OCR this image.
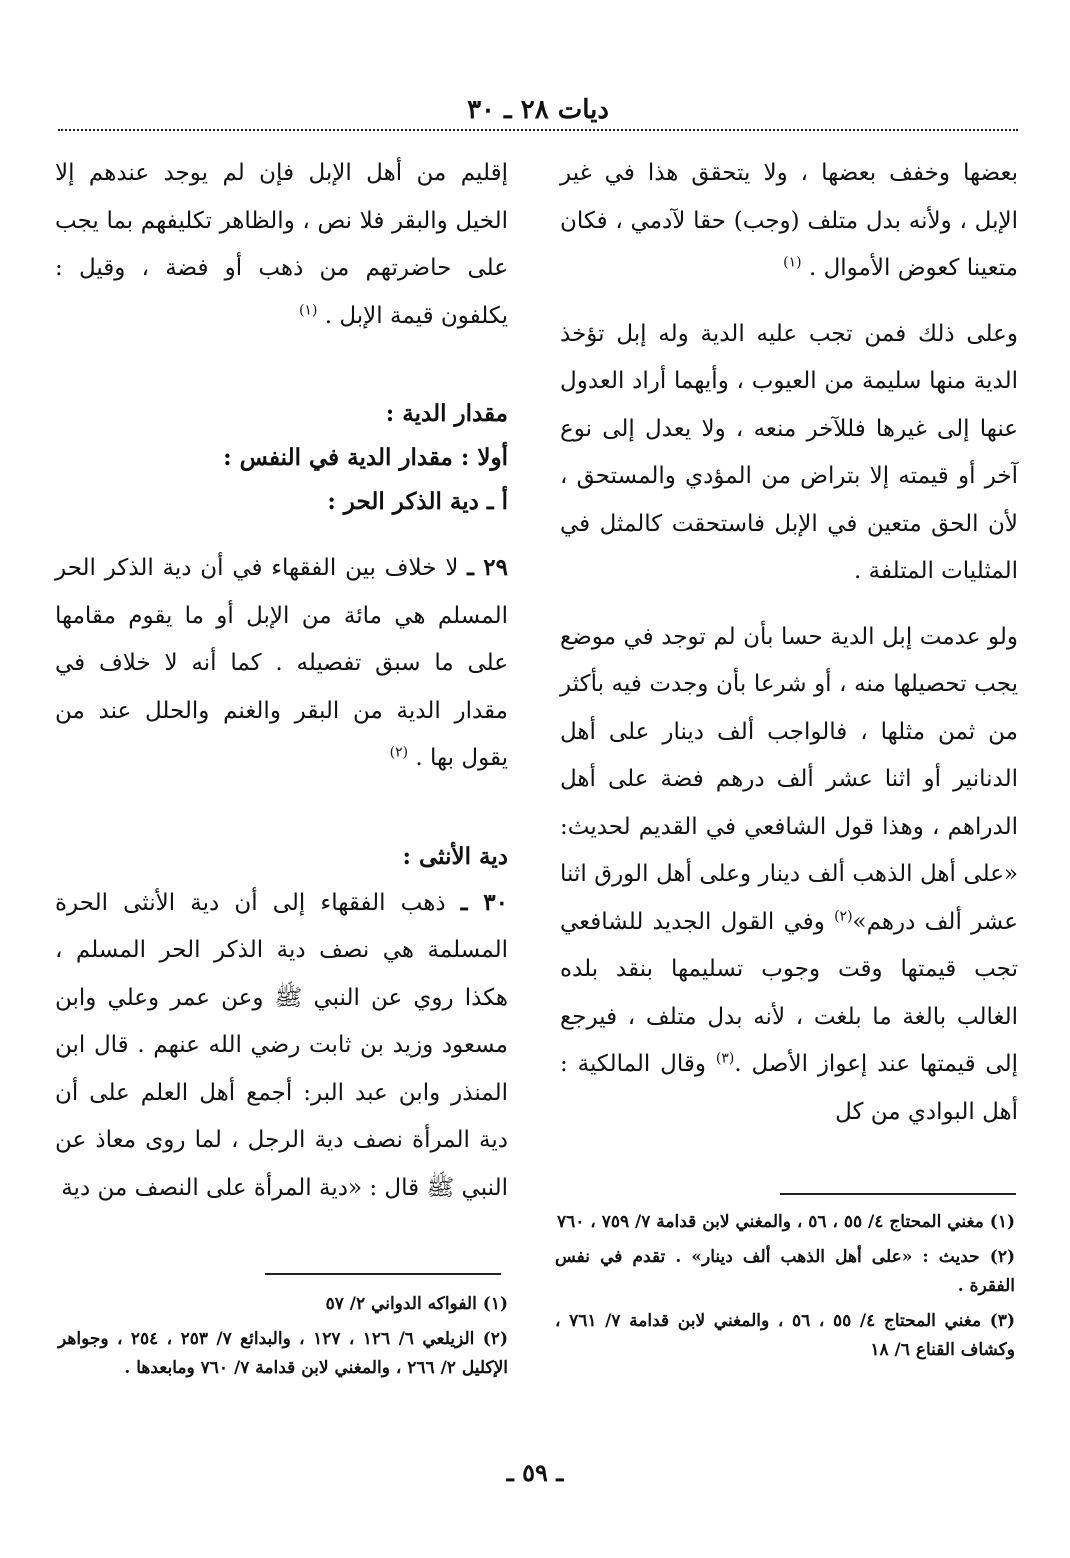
ديات ٢٨ ـ ٣٠

بعضها وخفف بعضها ، ولا يتحقق هذا في غير الإبل ، ولأنه بدل متلف (وجب) حقا لآدمي ، فكان متعينا كعوض الأموال . $^{(١)}$

وعلى ذلك فمن تجب عليه الدية وله إبل تؤخذ الدية منها سليمة من العيوب ، وأيهما أراد العدول عنها إلى غيرها فللآخر منعه ، ولا يعدل إلى نوع آخر أو قيمته إلا بتراض من المؤدي والمستحق ، لأن الحق متعين في الإبل فاستحقت كالمثل في المثليات المتلفة .

ولو عدمت إبل الدية حسا بأن لم توجد في موضع يجب تحصيلها منه ، أو شرعا بأن وجدت فيه بأكثر من ثمن مثلها ، فالواجب ألف دينار على أهل الدنانير أو اثنا عشر ألف درهم فضة على أهل الدراهم ، وهذا قول الشافعي في القديم لحديث: «على أهل الذهب ألف دينار وعلى أهل الورق اثنا عشر ألف درهم»$^{(٢)}$ وفي القول الجديد للشافعي تجب قيمتها وقت وجوب تسليمها بنقد بلده الغالب بالغة ما بلغت ، لأنه بدل متلف ، فيرجع إلى قيمتها عند إعواز الأصل .$^{(٣)}$ وقال المالكية : أهل البوادي من كل

إقليم من أهل الإبل فإن لم يوجد عندهم إلا الخيل والبقر فلا نص ، والظاهر تكليفهم بما يجب على حاضرتهم من ذهب أو فضة ، وقيل : يكلفون قيمة الإبل . $^{(١)}$

مقدار الدية :

أولا : مقدار الدية في النفس :

أ ـ دية الذكر الحر :

٢٩ ـ لا خلاف بين الفقهاء في أن دية الذكر الحر المسلم هي مائة من الإبل أو ما يقوم مقامها على ما سبق تفصيله . كما أنه لا خلاف في مقدار الدية من البقر والغنم والحلل عند من يقول بها . $^{(٢)}$

دية الأنثى :

٣٠ ـ ذهب الفقهاء إلى أن دية الأنثى الحرة المسلمة هي نصف دية الذكر الحر المسلم ، هكذا روي عن النبي ﷺ وعن عمر وعلي وابن مسعود وزيد بن ثابت رضي الله عنهم . قال ابن المنذر وابن عبد البر: أجمع أهل العلم على أن دية المرأة نصف دية الرجل ، لما روى معاذ عن النبي ﷺ قال : «دية المرأة على النصف من دية

(١) مغني المحتاج ٤/ ٥٥ ، ٥٦ ، والمغني لابن قدامة ٧/ ٧٥٩ ، ٧٦٠

(٢) حديث : «على أهل الذهب ألف دينار» . تقدم في نفس الفقرة .

(٣) مغني المحتاج ٤/ ٥٥ ، ٥٦ ، والمغني لابن قدامة ٧/ ٧٦١ ، وكشاف القناع ٦/ ١٨

(١) الفواكه الدواني ٢/ ٥٧

(٢) الزيلعي ٦/ ١٢٦ ، ١٢٧ ، والبدائع ٧/ ٢٥٣ ، ٢٥٤ ، وجواهر الإكليل ٢/ ٢٦٦ ، والمغني لابن قدامة ٧/ ٧٦٠ ومابعدها .

ـ ٥٩ ـ
